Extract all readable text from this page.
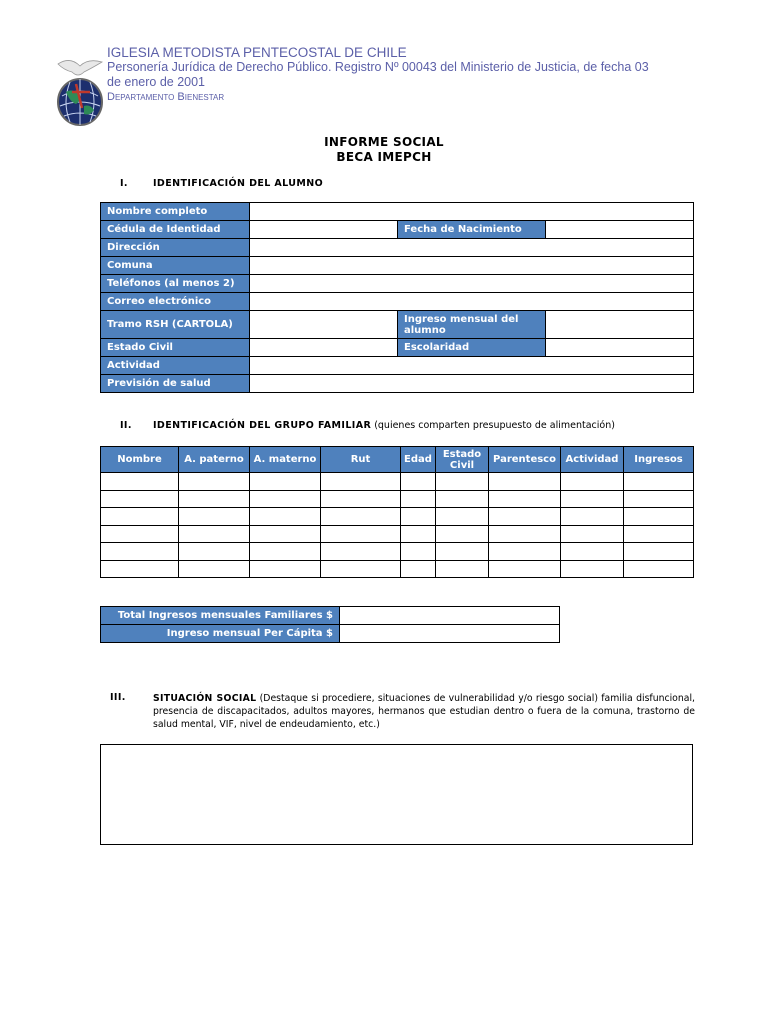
IGLESIA METODISTA PENTECOSTAL DE CHILE
Personería Jurídica de Derecho Público. Registro Nº 00043 del Ministerio de Justicia, de fecha 03
de enero de 2001
Departamento Bienestar
INFORME SOCIAL
BECA IMEPCH
I.	IDENTIFICACIÓN DEL ALUMNO
Nombre completo			
Cédula de Identidad		Fecha de Nacimiento	
Dirección			
Comuna			
Teléfonos (al menos 2)			
Correo electrónico			
Tramo RSH (CARTOLA)		Ingreso mensual del alumno	
Estado Civil		Escolaridad	
Actividad			
Previsión de salud			
II. IDENTIFICACIÓN DEL GRUPO FAMILIAR (quienes comparten presupuesto de alimentación)
Nombre	A. paterno	A. materno	Rut	Edad	Estado Civil	Parentesco	Actividad	Ingresos

Total Ingresos mensuales Familiares $	
Ingreso mensual Per Cápita $	
III.	SITUACIÓN SOCIAL (Destaque si procediere, situaciones de vulnerabilidad y/o riesgo social) familia disfuncional, presencia de discapacitados, adultos mayores, hermanos que estudian dentro o fuera de la comuna, trastorno de salud mental, VIF, nivel de endeudamiento, etc.)
